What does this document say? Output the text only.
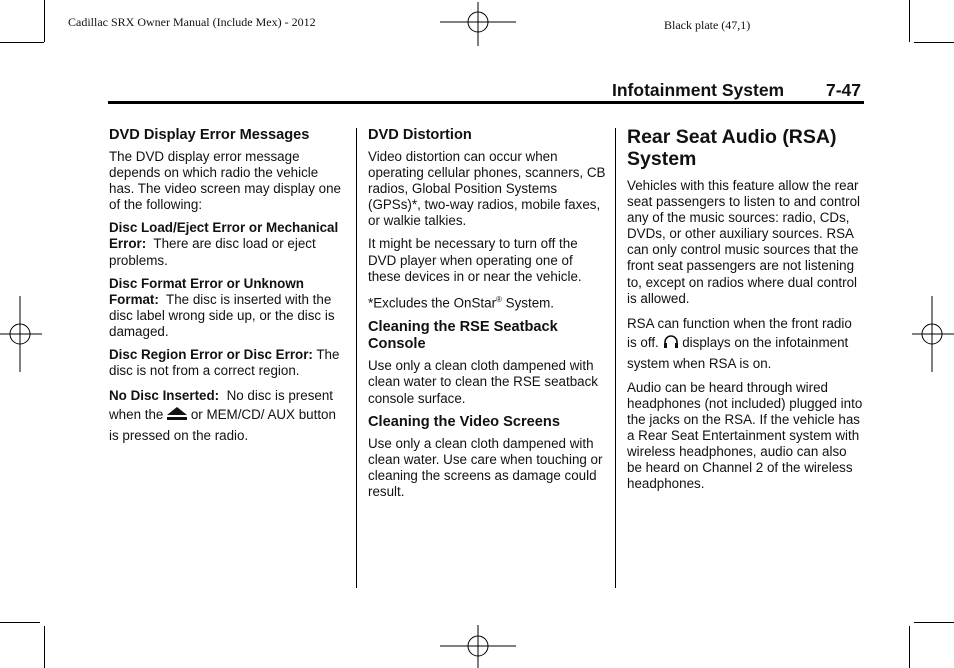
Cadillac SRX Owner Manual (Include Mex) - 2012	Black plate (47,1)
Infotainment System 7-47
DVD Display Error Messages

The DVD display error message depends on which radio the vehicle has. The video screen may display one of the following:

Disc Load/Eject Error or Mechanical Error: There are disc load or eject problems.

Disc Format Error or Unknown Format: The disc is inserted with the disc label wrong side up, or the disc is damaged.

Disc Region Error or Disc Error: The disc is not from a correct region.

No Disc Inserted: No disc is present when the or MEM/CD/ AUX button is pressed on the radio.

DVD Distortion

Video distortion can occur when operating cellular phones, scanners, CB radios, Global Position Systems (GPSs)*, two-way radios, mobile faxes, or walkie talkies.

It might be necessary to turn off the DVD player when operating one of these devices in or near the vehicle.

*Excludes the OnStar® System.

Cleaning the RSE Seatback Console

Use only a clean cloth dampened with clean water to clean the RSE seatback console surface.

Cleaning the Video Screens

Use only a clean cloth dampened with clean water. Use care when touching or cleaning the screens as damage could result.

Rear Seat Audio (RSA) System

Vehicles with this feature allow the rear seat passengers to listen to and control any of the music sources: radio, CDs, DVDs, or other auxiliary sources. RSA can only control music sources that the front seat passengers are not listening to, except on radios where dual control is allowed.

RSA can function when the front radio is off. displays on the infotainment system when RSA is on.

Audio can be heard through wired headphones (not included) plugged into the jacks on the RSA. If the vehicle has a Rear Seat Entertainment system with wireless headphones, audio can also be heard on Channel 2 of the wireless headphones.
